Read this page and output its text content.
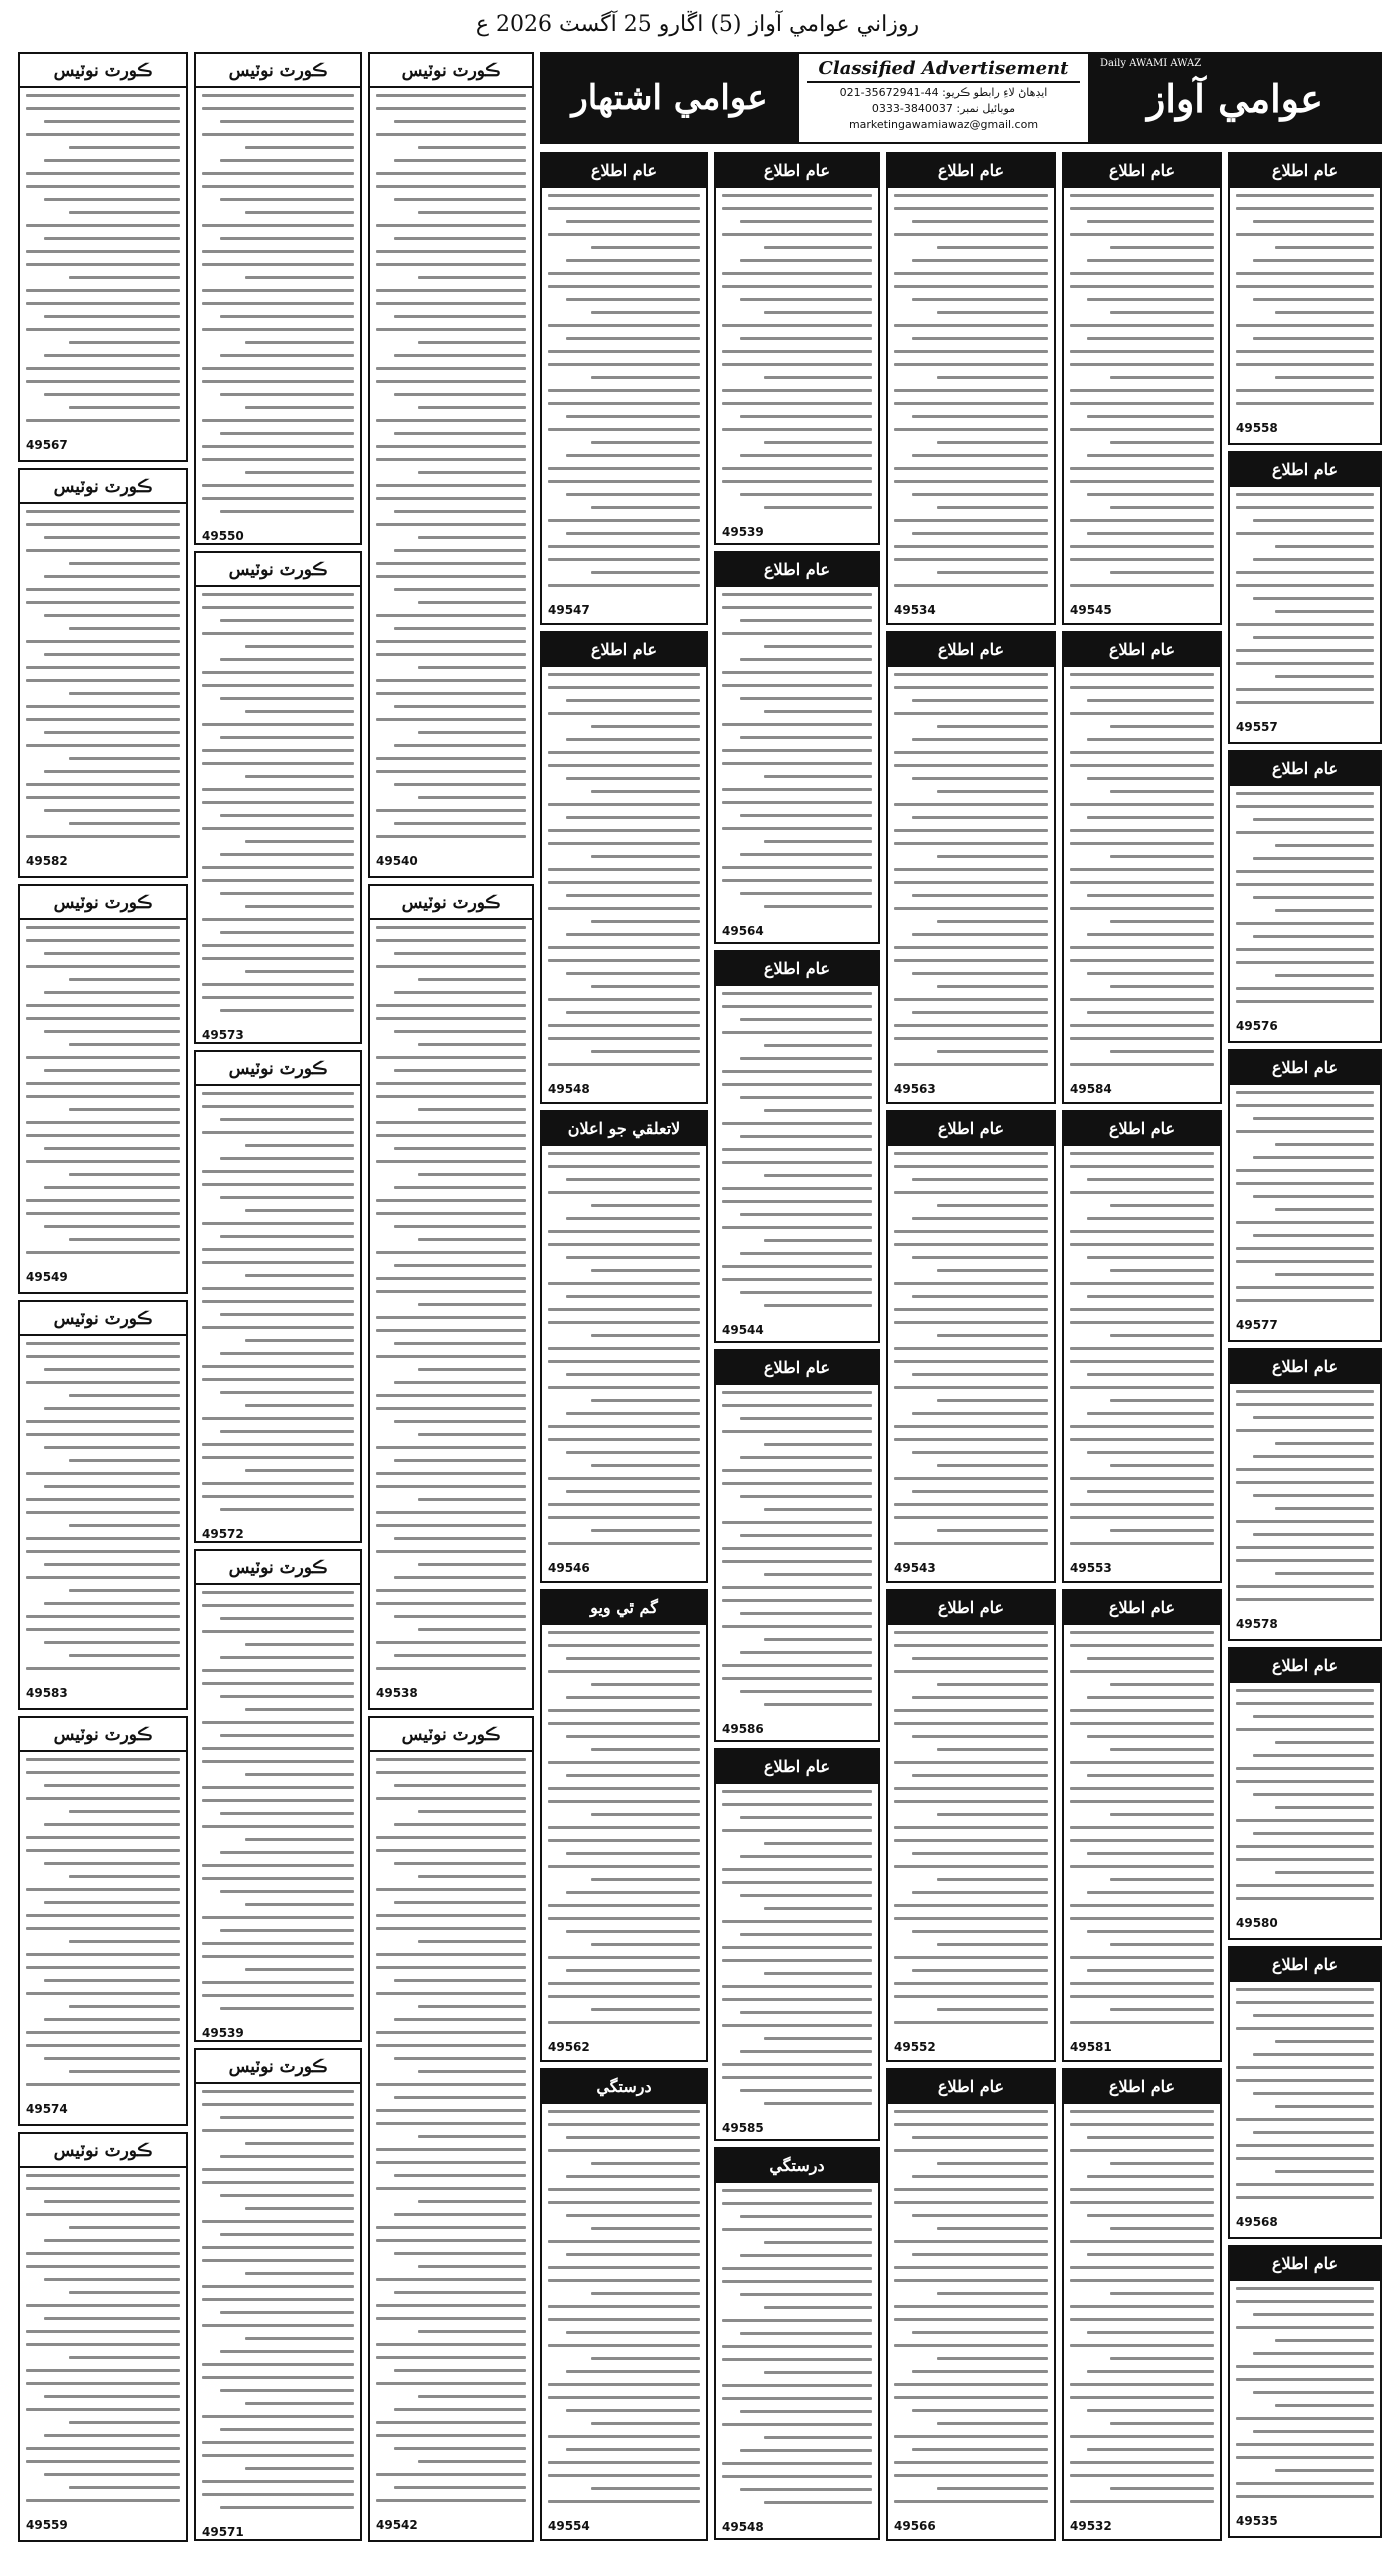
روزاني عوامي آواز (5) اڱارو 25 آگسٽ 2026 ع
عوامي اشتهار
Classified Advertisement
021-35672941-44 :ايڊهاڻ لاءِ رابطو ڪريو
0333-3840037 :موبائيل نمبر
marketingawamiawaz@gmail.com
Daily AWAMI AWAZ
عوامي آواز
عام اطلاع
49558
عام اطلاع
49557
عام اطلاع
49576
عام اطلاع
49577
عام اطلاع
49578
عام اطلاع
49580
عام اطلاع
49568
عام اطلاع
49535
عام اطلاع
49545
عام اطلاع
49584
عام اطلاع
49553
عام اطلاع
49581
عام اطلاع
49532
عام اطلاع
49534
عام اطلاع
49563
عام اطلاع
49543
عام اطلاع
49552
عام اطلاع
49566
عام اطلاع
49539
عام اطلاع
49564
عام اطلاع
49544
عام اطلاع
49586
عام اطلاع
49585
درستگي
49548
عام اطلاع
49547
عام اطلاع
49548
لاتعلقي جو اعلان
49546
گم ٿي ويو
49562
درستگي
49554
ڪورٽ نوٽيس
49540
ڪورٽ نوٽيس
49538
ڪورٽ نوٽيس
49542
ڪورٽ نوٽيس
49550
ڪورٽ نوٽيس
49573
ڪورٽ نوٽيس
49572
ڪورٽ نوٽيس
49539
ڪورٽ نوٽيس
49571
ڪورٽ نوٽيس
49567
ڪورٽ نوٽيس
49582
ڪورٽ نوٽيس
49549
ڪورٽ نوٽيس
49583
ڪورٽ نوٽيس
49574
ڪورٽ نوٽيس
49559
